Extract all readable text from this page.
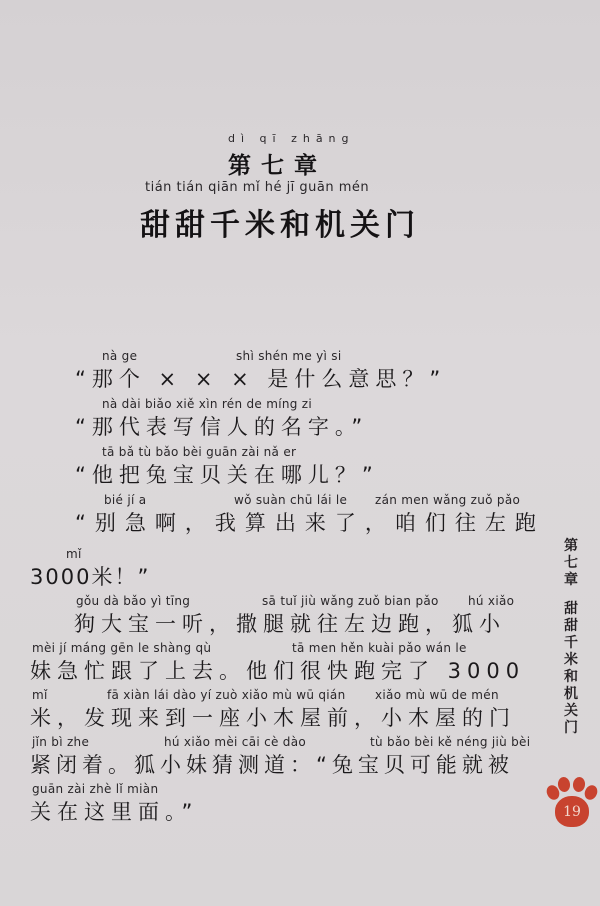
dì qī zhāng
第七章
tián tián qiān mǐ hé jī guān mén
甜甜千米和机关门
nà ge	shì shén me yì si
“那个 × × × 是什么意思？”
nà dài biǎo xiě xìn rén de míng zi
“那代表写信人的名字。”
tā bǎ tù bǎo bèi guān zài nǎ er
“他把兔宝贝关在哪儿？”
bié jí a	wǒ suàn chū lái le zán men wǎng zuǒ pǎo
“别急啊，我算出来了，咱们往左跑
mǐ
3000米！”
gǒu dà bǎo yì tīng	sā tuǐ jiù wǎng zuǒ bian pǎo hú xiǎo
狗大宝一听，撒腿就往左边跑，狐小
mèi jí máng gēn le shàng qù	tā men hěn kuài pǎo wán le
妹急忙跟了上去。他们很快跑完了 3000
mǐ	fā xiàn lái dào yí zuò xiǎo mù wū qián xiǎo mù wū de mén
米，发现来到一座小木屋前，小木屋的门
jǐn bì zhe	hú xiǎo mèi cāi cè dào	tù bǎo bèi kě néng jiù bèi
紧闭着。狐小妹猜测道：“兔宝贝可能就被
guān zài zhè lǐ miàn
关在这里面。”
第
七
章
甜
甜
千
米
和
机
关
门
19
